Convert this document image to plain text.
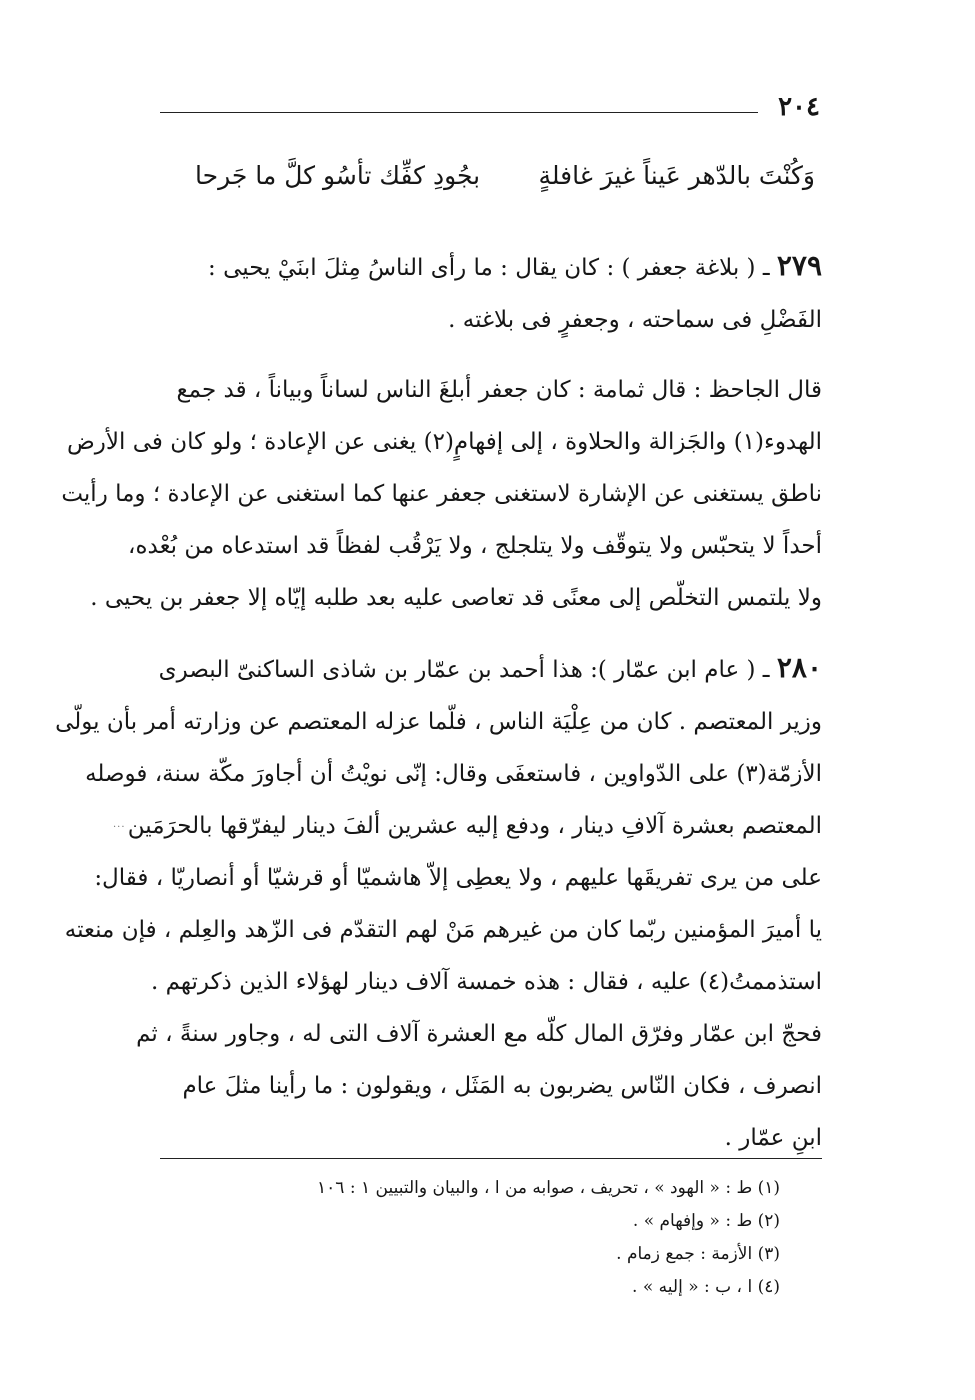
٢٠٤
وَكُنْتَ بالدّهر عَيناً غيرَ غافلةٍ
بجُودِ كفِّك تأسُو كلَّ ما جَرحا
٢٧٩ ـ ( بلاغة جعفر ) : كان يقال : ما رأى الناسُ مِثلَ ابنَيْ يحيى :
الفَضْلِ فى سماحته ، وجعفرٍ فى بلاغته .
قال الجاحظ : قال ثمامة : كان جعفر أبلغَ الناس لساناً وبياناً ، قد جمع
الهدوء(١) والجَزالة والحلاوة ، إلى إفهامٍ(٢) يغنى عن الإعادة ؛ ولو كان فى الأرض
ناطق يستغنى عن الإشارة لاستغنى جعفر عنها كما استغنى عن الإعادة ؛ وما رأيت
أحداً لا يتحبّس ولا يتوقّف ولا يتلجلج ، ولا يَرْقُب لفظاً قد استدعاه من بُعْده،
ولا يلتمس التخلّص إلى معنًى قد تعاصى عليه بعد طلبه إيّاه إلا جعفر بن يحيى .
٢٨٠ ـ ( عام ابن عمّار ): هذا أحمد بن عمّار بن شاذى الساكنىّ البصرى
وزير المعتصم . كان من عِلْيَة الناس ، فلّما عزله المعتصم عن وزارته أمر بأن يولّى
الأزمّة(٣) على الدّواوين ، فاستعفَى وقال: إنّى نويْتُ أن أجاورَ مكّة سنة، فوصله
المعتصم بعشرة آلافِ دينار ، ودفع إليه عشرين ألفَ دينار ليفرّقها بالحرَمَين
على من يرى تفريقَها عليهم ، ولا يعطِى إلاّ هاشميّا أو قرشيّا أو أنصاريّا ، فقال:
يا أميرَ المؤمنين ربّما كان من غيرهم مَنْ لهم التقدّم فى الزّهد والعِلم ، فإن منعته
استذممتُ(٤) عليه ، فقال : هذه خمسة آلاف دينار لهؤلاء الذين ذكرتهم .
فحجّ ابن عمّار وفرّق المال كلّه مع العشرة آلاف التى له ، وجاور سنةً ، ثم
انصرف ، فكان النّاس يضربون به المَثَل ، ويقولون : ما رأينا مثلَ عام
ابنِ عمّار .
···
(١) ط : « الهود » ، تحريف ، صوابه من ا ، والبيان والتبيين ١ : ١٠٦
(٢) ط : « وإفهام » .
(٣) الأزمة : جمع زمام .
(٤) ا ، ب : « إليه » .
